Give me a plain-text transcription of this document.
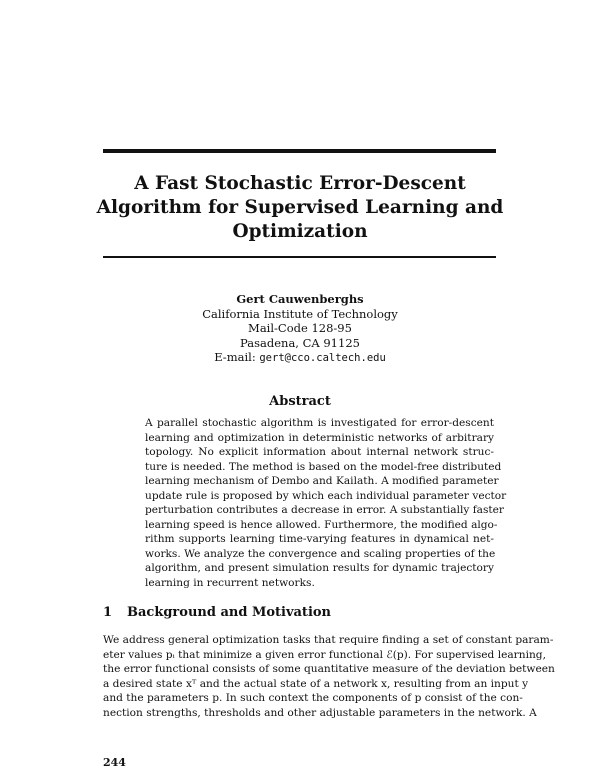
A Fast Stochastic Error-Descent
Algorithm for Supervised Learning and
Optimization
Gert Cauwenberghs
California Institute of Technology
Mail-Code 128-95
Pasadena, CA 91125
E-mail: gert@cco.caltech.edu
Abstract
A parallel stochastic algorithm is investigated for error-descent
learning and optimization in deterministic networks of arbitrary
topology. No explicit information about internal network struc-
ture is needed. The method is based on the model-free distributed
learning mechanism of Dembo and Kailath. A modified parameter
update rule is proposed by which each individual parameter vector
perturbation contributes a decrease in error. A substantially faster
learning speed is hence allowed. Furthermore, the modified algo-
rithm supports learning time-varying features in dynamical net-
works. We analyze the convergence and scaling properties of the
algorithm, and present simulation results for dynamic trajectory
learning in recurrent networks.
1 Background and Motivation
We address general optimization tasks that require finding a set of constant param-
eter values pᵢ that minimize a given error functional ℰ(p). For supervised learning,
the error functional consists of some quantitative measure of the deviation between
a desired state xᵀ and the actual state of a network x, resulting from an input y
and the parameters p. In such context the components of p consist of the con-
nection strengths, thresholds and other adjustable parameters in the network. A
244
